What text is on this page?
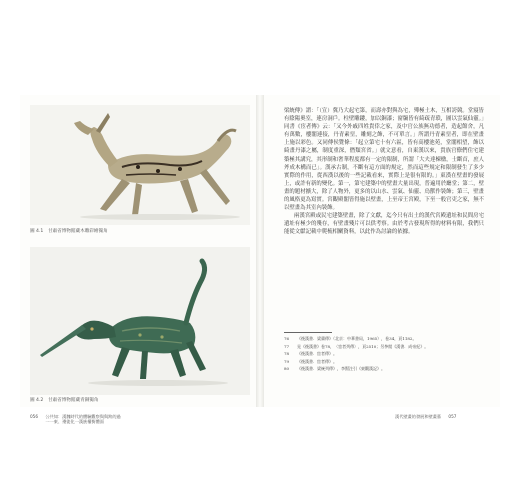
圖 4.1　甘肅省博物館藏木雕彩繪獨角
圖 4.2　甘肅省博物館藏青銅獨角
056 公共知：漢魏時代的體驗觀察與與跨的過
一一東、遷徙化一漢族權衡體面

梁統傳》謂：「（宣）冀乃大起宅第，而壽亦對與為宅，殫極土木，互相誇競。堂寢皆有陰陽奧室，連房洞戶。柱壁雕鏤，加以銅漆；窗牖皆有綺疏青瑣，圖以雲氣仙靈。」同書《宦者傳》云：「又今外戚四姓貴倖之家，及中官公族無功德者，造起館舍，凡有萬數，樓閣連接，丹青素堊，雕刻之飾，不可單言。」所謂丹青素堊者，即在壁畫上施以彩色。又同傳侯覽條：「起立第宅十有六區，皆有高樓池苑，堂閣相望，飾以綺畫丹漆之屬，制度重深，僭類宮省。」就文意看，自東漢以來，貴族官僚們住宅建築極其講究，其形制和奢華程度都有一定的限制，所謂「大夫達棟楹，士斷首，庶人斧成木構而已」。漢承古制，不斷有這方面的規定，然而這些規定和限制發生了多少實際的作用，從西漢以後的一些記載看來，實際上是很有限的。」東漢在壁畫的發展上，或許有新的變化。第一，第宅建築中的壁畫大量出現，普遍用於廳堂；第二，壁畫的題材擴大，除了人物外，更多的以山水、雲氣、仙靈、鳥獸作裝飾；第三，壁畫的風格更為寫實。宮觀殿閣皆得施以壁畫，上至帝王宮殿，下至一般官吏之家，無不以壁畫為其室內裝飾。

兩漢宮殿或民宅建築壁畫，除了文獻，迄今只有出土的漢代宮殿遺址和民間房宅遺址有極少的殘存，有壁畫殘片可以供考察。由於考古發現所得的材料有限，我們只能從文獻記載中爬梳相關資料，以此作為討論的依據。

76	《後漢書．梁冀傳》（北京：中華書局，1965），卷34，頁1182。
77	見《後漢書》卷78，〈宦者列傳〉，頁2510；另參閱《漢書．成帝紀》。
78	《後漢書．宦者傳》。
79	《後漢書．宦者傳》。
80	《後漢書．梁統列傳》，李賢注引《東觀漢記》。
漢代壁畫的發展和壁畫墓 057
